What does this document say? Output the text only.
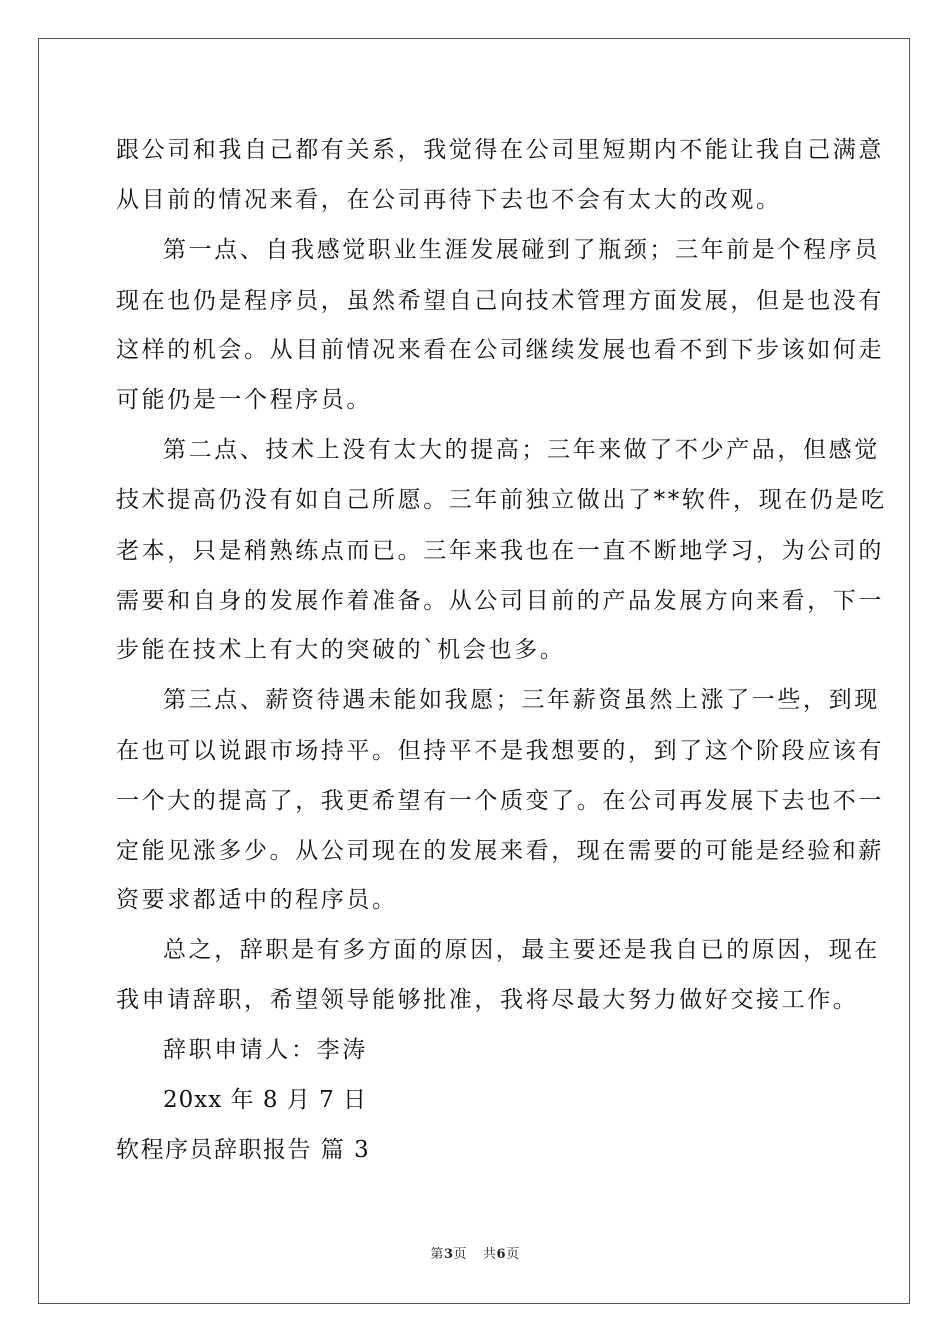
跟公司和我自己都有关系，我觉得在公司里短期内不能让我自己满意
从目前的情况来看，在公司再待下去也不会有太大的改观。
第一点、自我感觉职业生涯发展碰到了瓶颈；三年前是个程序员
现在也仍是程序员，虽然希望自己向技术管理方面发展，但是也没有
这样的机会。从目前情况来看在公司继续发展也看不到下步该如何走
可能仍是一个程序员。
第二点、技术上没有太大的提高；三年来做了不少产品，但感觉
技术提高仍没有如自己所愿。三年前独立做出了**软件，现在仍是吃
老本，只是稍熟练点而已。三年来我也在一直不断地学习，为公司的
需要和自身的发展作着准备。从公司目前的产品发展方向来看，下一
步能在技术上有大的突破的`机会也多。
第三点、薪资待遇未能如我愿；三年薪资虽然上涨了一些，到现
在也可以说跟市场持平。但持平不是我想要的，到了这个阶段应该有
一个大的提高了，我更希望有一个质变了。在公司再发展下去也不一
定能见涨多少。从公司现在的发展来看，现在需要的可能是经验和薪
资要求都适中的程序员。
总之，辞职是有多方面的原因，最主要还是我自已的原因，现在
我申请辞职，希望领导能够批准，我将尽最大努力做好交接工作。
辞职申请人：李涛
20xx 年 8 月 7 日
软程序员辞职报告 篇 3
第3页 共6页
